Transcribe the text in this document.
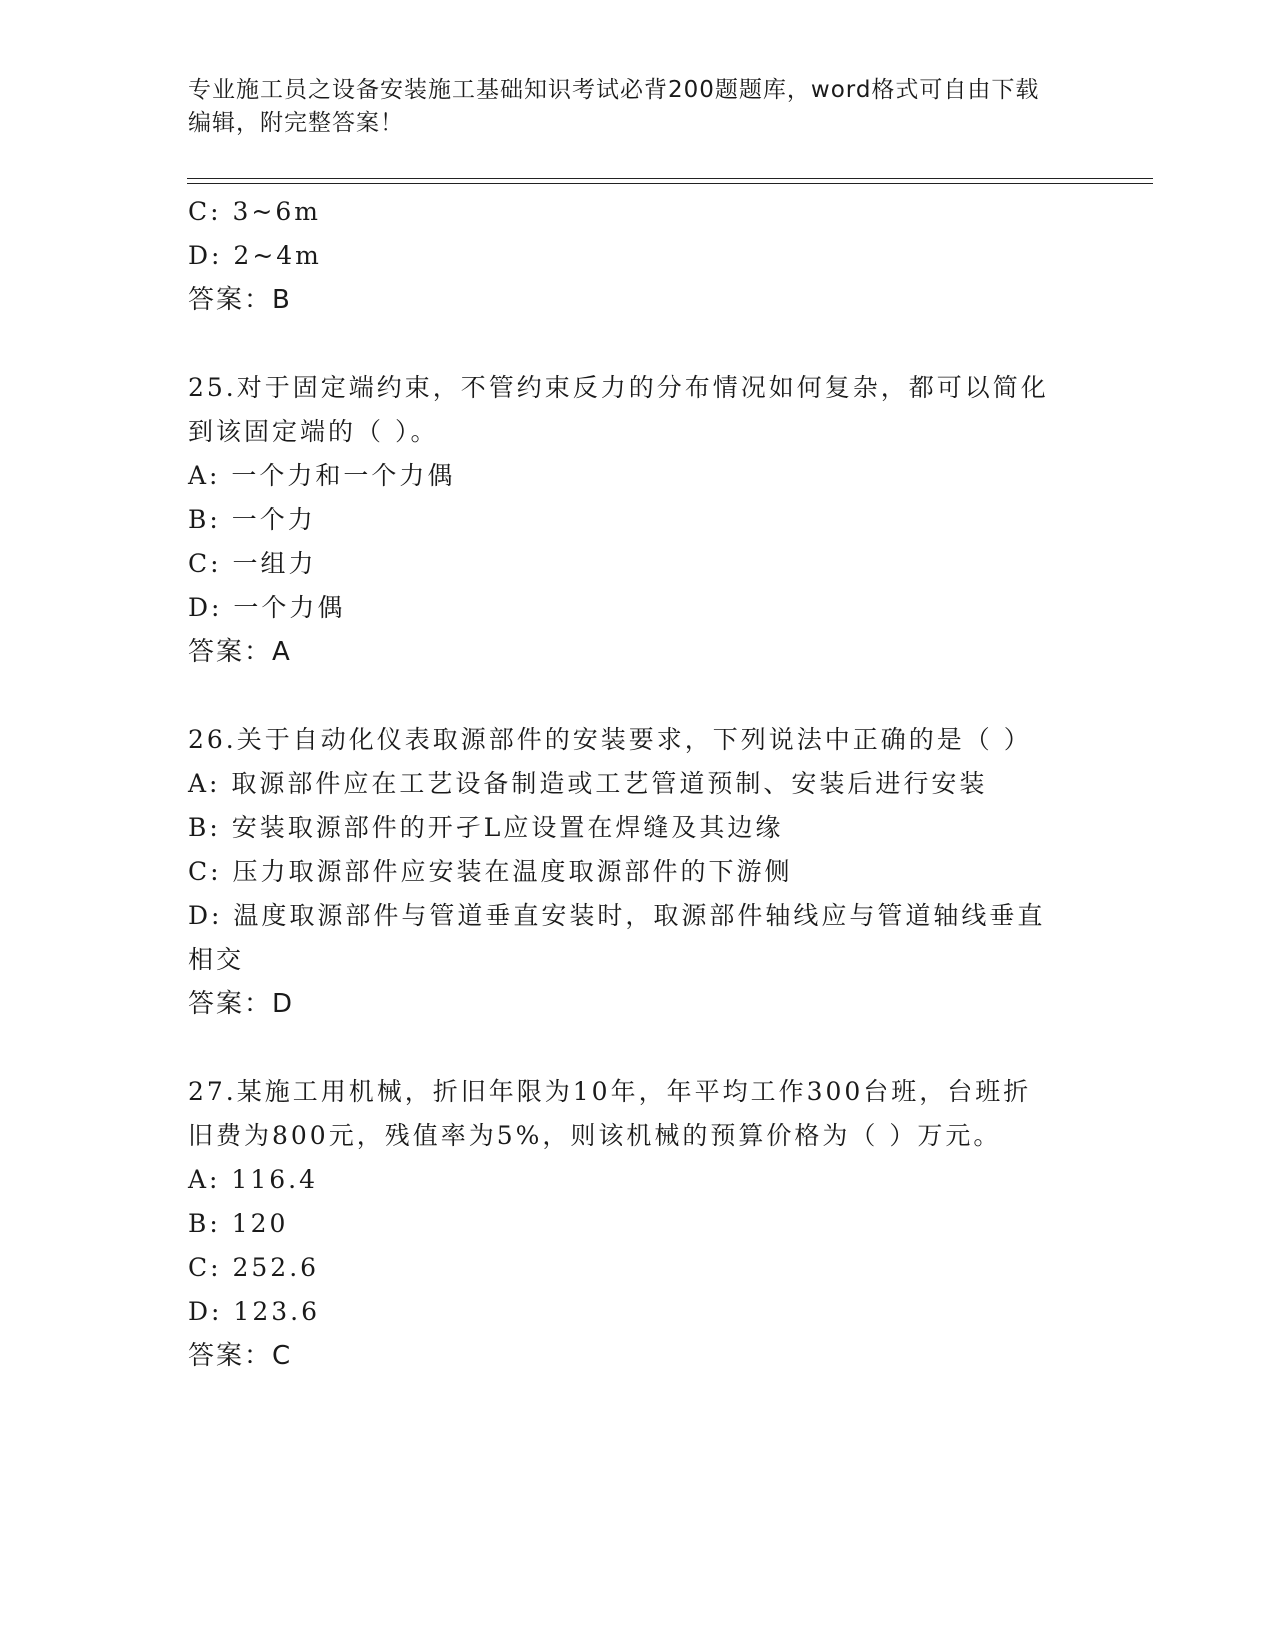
专业施工员之设备安装施工基础知识考试必背200题题库，word格式可自由下载
编辑，附完整答案！
C: 3~6m
D: 2~4m
答案：B
25.对于固定端约束，不管约束反力的分布情况如何复杂，都可以简化
到该固定端的（ ）。
A: 一个力和一个力偶
B: 一个力
C: 一组力
D: 一个力偶
答案：A
26.关于自动化仪表取源部件的安装要求，下列说法中正确的是（ ）
A: 取源部件应在工艺设备制造或工艺管道预制、安装后进行安装
B: 安装取源部件的开孑L应设置在焊缝及其边缘
C: 压力取源部件应安装在温度取源部件的下游侧
D: 温度取源部件与管道垂直安装时，取源部件轴线应与管道轴线垂直
相交
答案：D
27.某施工用机械，折旧年限为10年，年平均工作300台班，台班折
旧费为800元，残值率为5%，则该机械的预算价格为（ ）万元。
A: 116.4
B: 120
C: 252.6
D: 123.6
答案：C
